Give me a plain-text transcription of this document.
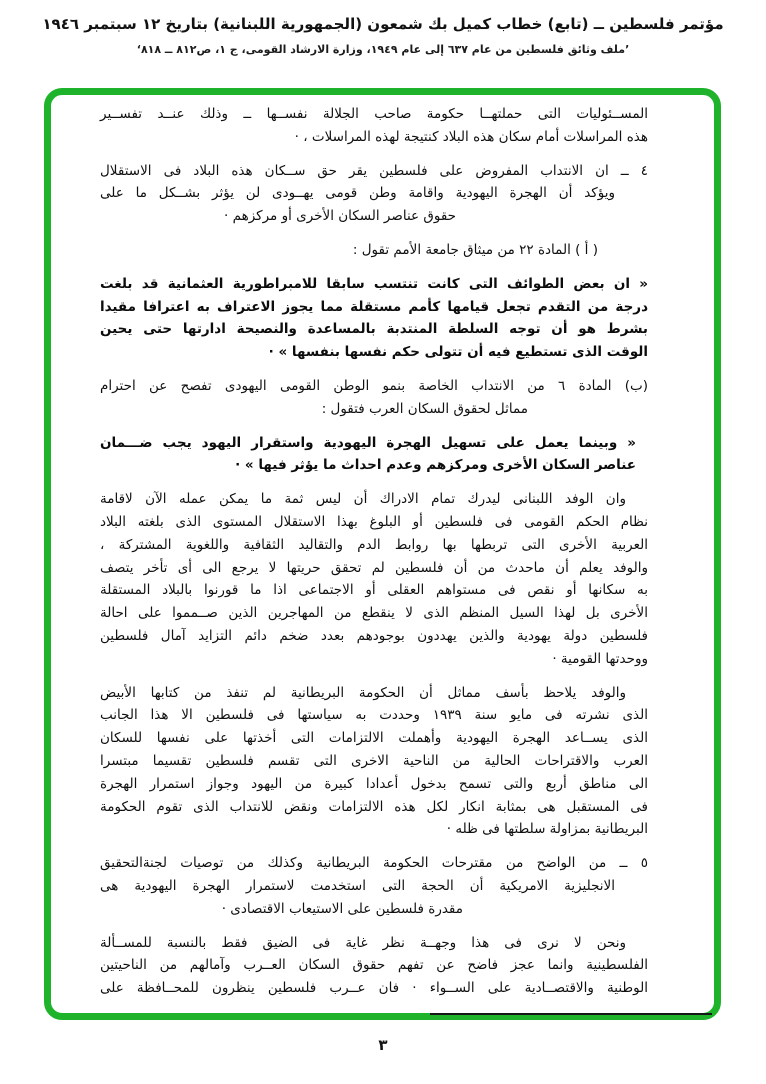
مؤتمر فلسطين ــ (تابع) خطاب كميل بك شمعون (الجمهورية اللبنانية) بتاريخ ١٢ سبتمبر ١٩٤٦
’ملف وثائق فلسطين من عام ٦٣٧ إلى عام ١٩٤٩، وزارة الارشاد القومى، ج ١، ص٨١٢ ــ ٨١٨‘
المســئوليات التى حملتهــا حكومة صاحب الجلالة نفســها ــ وذلك عنــد تفســير
هذه المراسلات أمام سكان هذه البلاد كنتيجة لهذه المراسلات ، ·
٤ ــ ان الانتداب المفروض على فلسطين يقر حق ســكان هذه البلاد فى الاستقلال
ويؤكد أن الهجرة اليهودية واقامة وطن قومى يهــودى لن يؤثر بشــكل ما على
حقوق عناصر السكان الأخرى أو مركزهم ·
( أ ) المادة ٢٢ من ميثاق جامعة الأمم تقول :
« ان بعض الطوائف التى كانت تنتسب سابقا للامبراطورية العثمانية قد بلغت
درجة من التقدم تجعل قيامها كأمم مستقلة مما يجوز الاعتراف به اعترافا مقيدا
بشرط هو أن توجه السلطة المنتدبة بالمساعدة والنصيحة ادارتها حتى يحين
الوقت الذى تستطيع فيه أن تتولى حكم نفسها بنفسها » ·
(ب) المادة ٦ من الانتداب الخاصة بنمو الوطن القومى اليهودى تفصح عن احترام
مماثل لحقوق السكان العرب فتقول :
« وبينما يعمل على تسهيل الهجرة اليهودية واستقرار اليهود يجب ضـــمان
عناصر السكان الأخرى ومركزهم وعدم احداث ما يؤثر فيها » ·
وان الوفد اللبنانى ليدرك تمام الادراك أن ليس ثمة ما يمكن عمله الآن لاقامة
نظام الحكم القومى فى فلسطين أو البلوغ بهذا الاستقلال المستوى الذى بلغته البلاد
العربية الأخرى التى تربطها بها روابط الدم والتقاليد الثقافية واللغوية المشتركة ،
والوفد يعلم أن ماحدث من أن فلسطين لم تحقق حريتها لا يرجع الى أى تأخر يتصف
به سكانها أو نقص فى مستواهم العقلى أو الاجتماعى اذا ما قورنوا بالبلاد المستقلة
الأخرى بل لهذا السيل المنظم الذى لا ينقطع من المهاجرين الذين صــمموا على احالة
فلسطين دولة يهودية والذين يهددون بوجودهم بعدد ضخم دائم التزايد آمال فلسطين
ووحدتها القومية ·
والوفد يلاحظ بأسف مماثل أن الحكومة البريطانية لم تنفذ من كتابها الأبيض
الذى نشرته فى مايو سنة ١٩٣٩ وحددت به سياستها فى فلسطين الا هذا الجانب
الذى يســاعد الهجرة اليهودية وأهملت الالتزامات التى أخذتها على نفسها للسكان
العرب والاقتراحات الحالية من الناحية الاخرى التى تقسم فلسطين تقسيما مبتسرا
الى مناطق أربع والتى تسمح بدخول أعدادا كبيرة من اليهود وجواز استمرار الهجرة
فى المستقبل هى بمثابة انكار لكل هذه الالتزامات ونقض للانتداب الذى تقوم الحكومة
البريطانية بمزاولة سلطتها فى ظله ·
٥ ــ من الواضح من مقترحات الحكومة البريطانية وكذلك من توصيات لجنةالتحقيق
الانجليزية الامريكية أن الحجة التى استخدمت لاستمرار الهجرة اليهودية هى
مقدرة فلسطين على الاستيعاب الاقتصادى ·
ونحن لا نرى فى هذا وجهــة نظر غاية فى الضيق فقط بالنسبة للمســألة
الفلسطينية وانما عجز فاضح عن تفهم حقوق السكان العــرب وآمالهم من الناحيتين
الوطنية والاقتصــادية على الســواء · فان عــرب فلسطين ينظرون للمحــافظة على
٣
